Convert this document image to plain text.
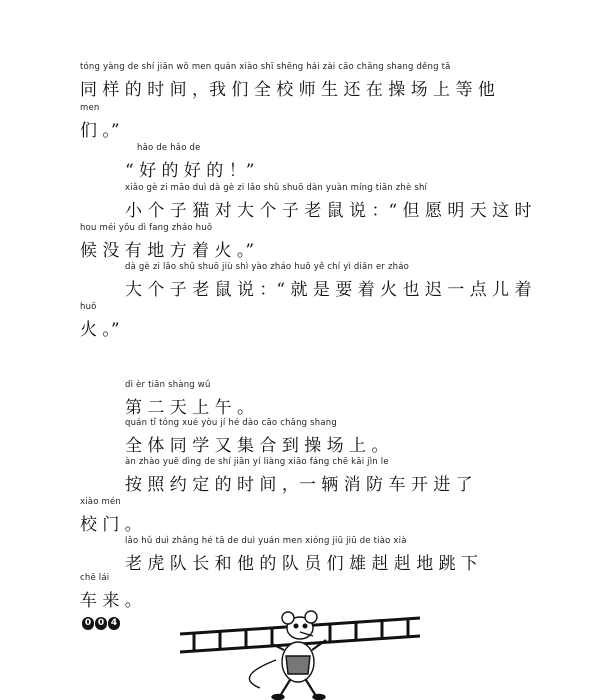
tóng yàng de shí jiān wǒ men quán xiào shī shēng hái zài cāo chǎng shang děng tā
同 样 的 时 间 ，我 们 全 校 师 生 还 在 操 场 上 等 他
men
们 。”
hǎo de hǎo de
“ 好 的 好 的 ！”
xiǎo gè zi māo duì dà gè zi lǎo shǔ shuō dàn yuàn míng tiān zhè shí
小 个 子 猫 对 大 个 子 老 鼠 说 ：“ 但 愿 明 天 这 时
hou méi yǒu dì fang zháo huǒ
候 没 有 地 方 着 火 。”
dà gè zi lǎo shǔ shuō jiù shì yào zháo huǒ yě chí yì diǎn er zháo
大 个 子 老 鼠 说 ：“ 就 是 要 着 火 也 迟 一 点 儿 着
huǒ
火 。”
dì èr tiān shàng wǔ
第 二 天 上 午 。
quán tǐ tóng xué yòu jí hé dào cāo chǎng shang
全 体 同 学 又 集 合 到 操 场 上 。
àn zhào yuē dìng de shí jiān yí liàng xiāo fáng chē kāi jìn le
按 照 约 定 的 时 间 ，一 辆 消 防 车 开 进 了
xiào mén
校 门 。
lǎo hǔ duì zhǎng hé tā de duì yuán men xióng jiū jiū de tiào xià
老 虎 队 长 和 他 的 队 员 们 雄 赳 赳 地 跳 下
chē lái
车 来 。
0 0 4
